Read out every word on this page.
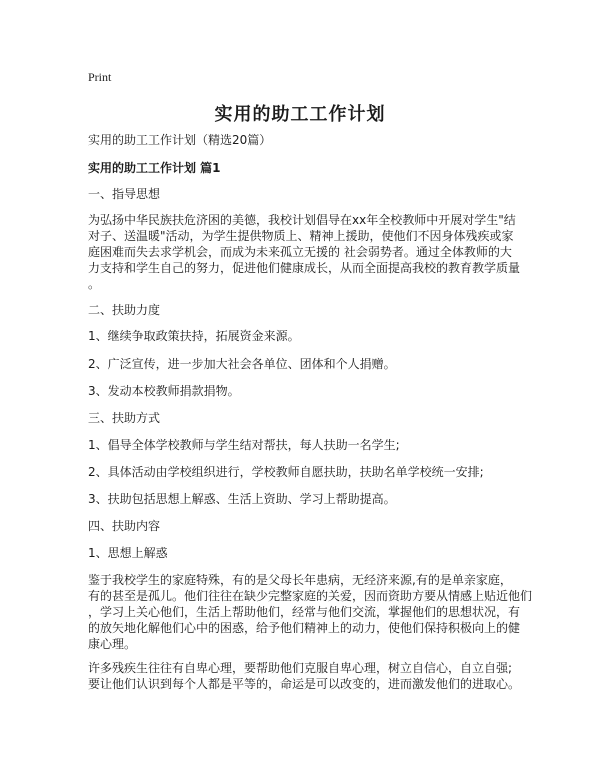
Print
实用的助工工作计划
实用的助工工作计划（精选20篇）
实用的助工工作计划 篇1
一、指导思想
为弘扬中华民族扶危济困的美德，我校计划倡导在xx年全校教师中开展对学生"结
对子、送温暖"活动，为学生提供物质上、精神上援助，使他们不因身体残疾或家
庭困难而失去求学机会，而成为未来孤立无援的 社会弱势者。通过全体教师的大
力支持和学生自己的努力，促进他们健康成长，从而全面提高我校的教育教学质量
。
二、扶助力度
1、继续争取政策扶持，拓展资金来源。
2、广泛宣传，进一步加大社会各单位、团体和个人捐赠。
3、发动本校教师捐款捐物。
三、扶助方式
1、倡导全体学校教师与学生结对帮扶，每人扶助一名学生;
2、具体活动由学校组织进行，学校教师自愿扶助，扶助名单学校统一安排;
3、扶助包括思想上解惑、生活上资助、学习上帮助提高。
四、扶助内容
1、思想上解惑
鉴于我校学生的家庭特殊，有的是父母长年患病，无经济来源,有的是单亲家庭，
有的甚至是孤儿。他们往往在缺少完整家庭的关爱，因而资助方要从情感上贴近他们
，学习上关心他们，生活上帮助他们，经常与他们交流，掌握他们的思想状况，有
的放矢地化解他们心中的困惑，给予他们精神上的动力，使他们保持积极向上的健
康心理。
许多残疾生往往有自卑心理，要帮助他们克服自卑心理，树立自信心，自立自强;
要让他们认识到每个人都是平等的，命运是可以改变的，进而激发他们的进取心。
